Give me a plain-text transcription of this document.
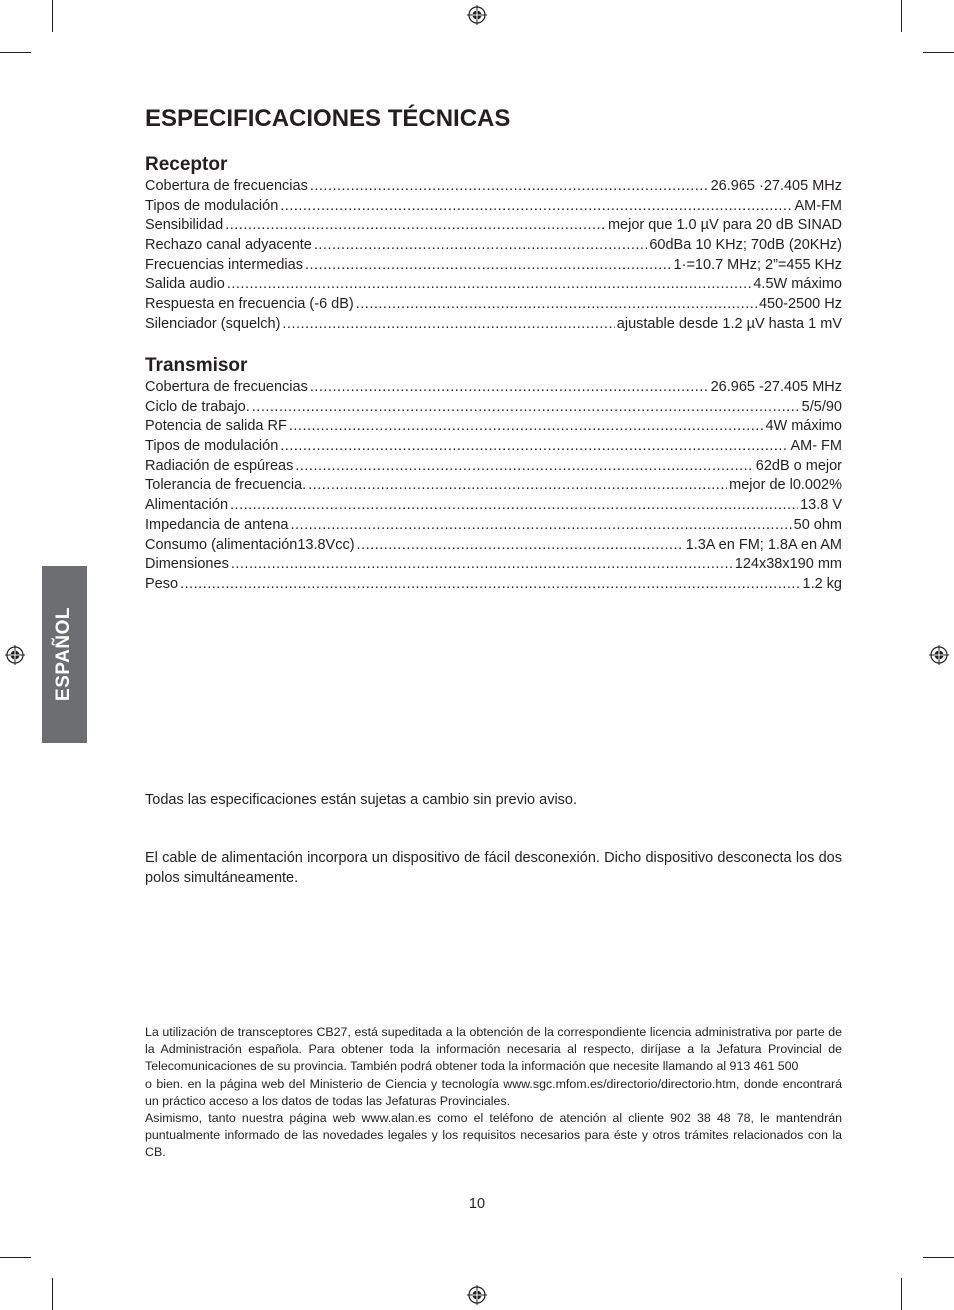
ESPAÑOL
ESPECIFICACIONES TÉCNICAS
Receptor
Cobertura de frecuencias .....	26.965 ·27.405 MHz
Tipos de modulación .....	AM-FM
Sensibilidad .....	mejor que 1.0 µV para 20 dB SINAD
Rechazo canal adyacente .....	60dBa 10 KHz; 70dB (20KHz)
Frecuencias intermedias .....	1·=10.7 MHz; 2”=455 KHz
Salida audio .....	4.5W máximo
Respuesta en frecuencia (-6 dB) .....	450-2500 Hz
Silenciador (squelch) .....	ajustable desde 1.2 µV hasta 1 mV
Transmisor
Cobertura de frecuencias .....	26.965 -27.405 MHz
Ciclo de trabajo. .....	5/5/90
Potencia de salida RF .....	4W máximo
Tipos de modulación .....	AM- FM
Radiación de espúreas .....	62dB o mejor
Tolerancia de frecuencia. .....	mejor de l0.002%
Alimentación .....	13.8 V
Impedancia de antena .....	50 ohm
Consumo (alimentación13.8Vcc) .....	1.3A en FM; 1.8A en AM
Dimensiones .....	124x38x190 mm
Peso .....	1.2 kg
Todas las especificaciones están sujetas a cambio sin previo aviso.
El cable de alimentación incorpora un dispositivo de fácil desconexión. Dicho dispositivo desconecta los dos polos simultáneamente.

La utilización de transceptores CB27, está supeditada a la obtención de la correspondiente licencia administrativa por parte de la Administración española. Para obtener toda la información necesaria al respecto, diríjase a la Jefatura Provincial de Telecomunicaciones de su provincia. También podrá obtener toda la información que necesite llamando al 913 461 500

o bien. en la página web del Ministerio de Ciencia y tecnología www.sgc.mfom.es/directorio/directorio.htm, donde encontrará un práctico acceso a los datos de todas las Jefaturas Provinciales.

Asimismo, tanto nuestra página web www.alan.es como el teléfono de atención al cliente 902 38 48 78, le mantendrán puntualmente informado de las novedades legales y los requisitos necesarios para éste y otros trámites relacionados con la CB.

10
